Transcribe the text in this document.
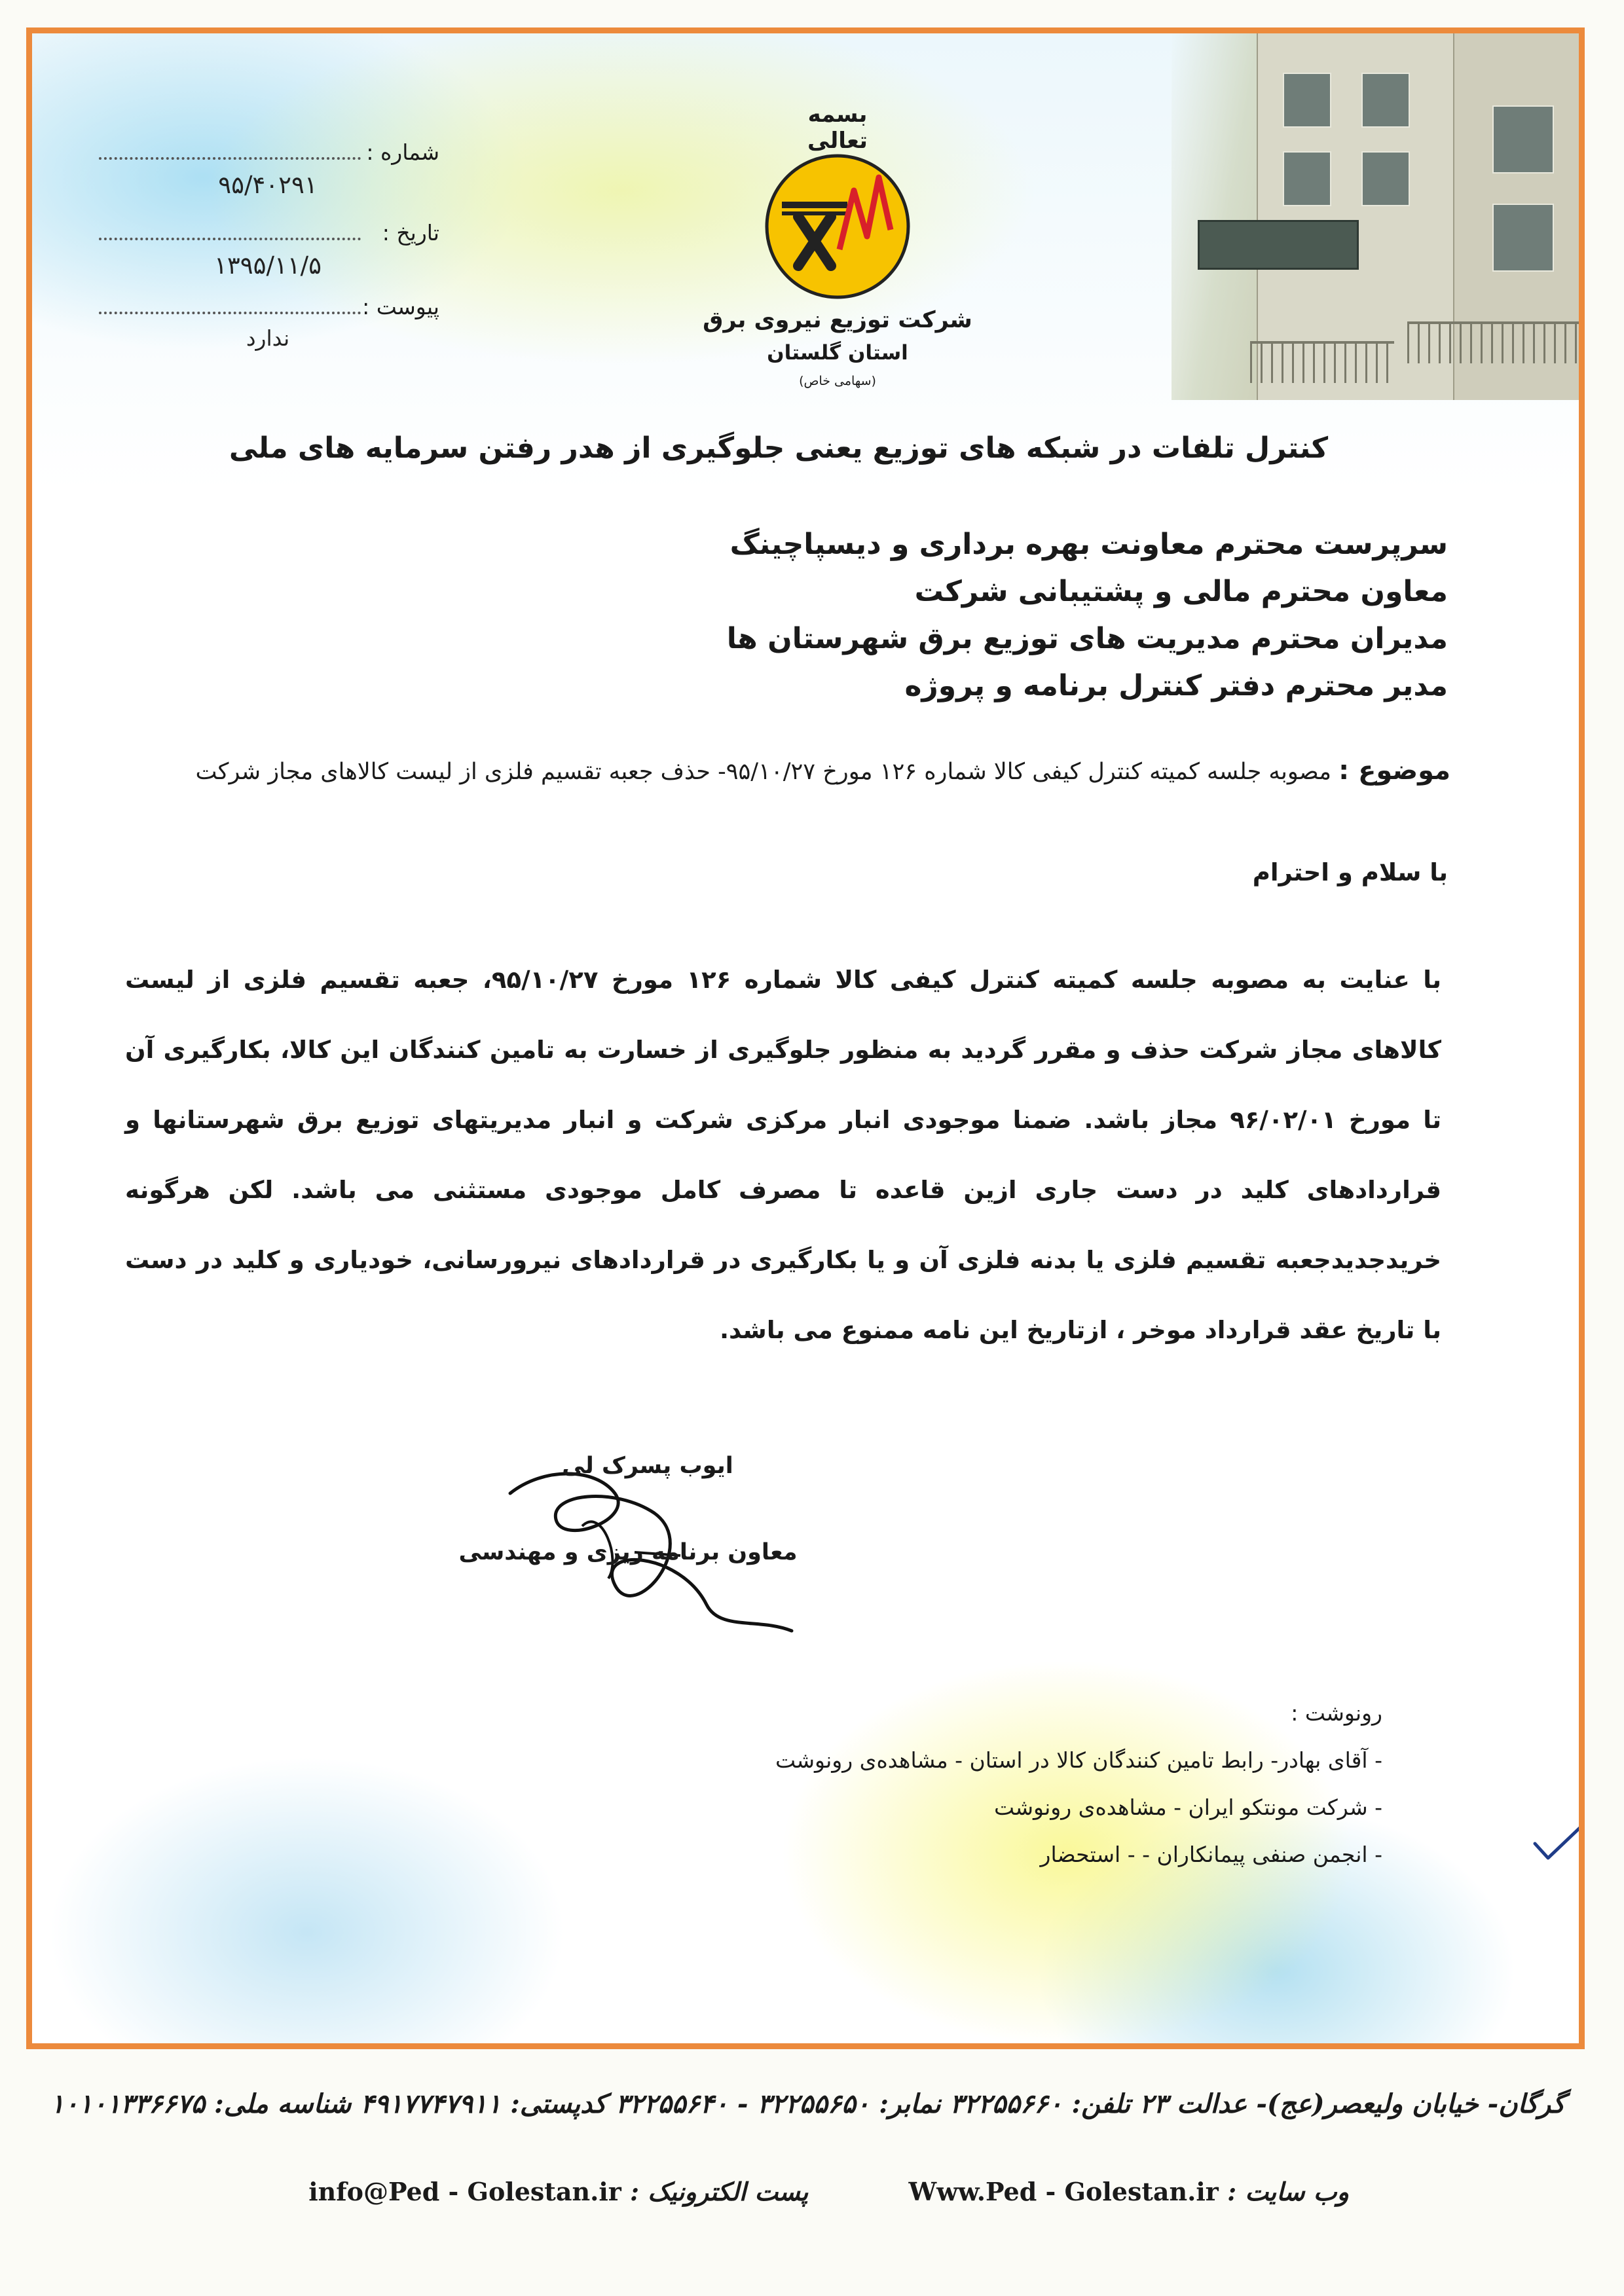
بسمه تعالی
شرکت توزیع نیروی برق
استان گلستان
(سهامی خاص)
شماره :
۹۵/۴۰۲۹۱
تاریخ :
۱۳۹۵/۱۱/۵
پیوست :
ندارد
کنترل تلفات در شبکه های توزیع یعنی جلوگیری از هدر رفتن سرمایه های ملی
سرپرست محترم معاونت بهره برداری و دیسپاچینگ
معاون محترم مالی و پشتیبانی شرکت
مدیران محترم مدیریت های توزیع برق شهرستان ها
مدیر محترم دفتر کنترل برنامه و پروژه
موضوع : مصوبه جلسه کمیته کنترل کیفی کالا شماره ۱۲۶ مورخ ۹۵/۱۰/۲۷- حذف جعبه تقسیم فلزی از لیست کالاهای مجاز شرکت
با سلام و احترام
با عنایت به مصوبه جلسه کمیته کنترل کیفی کالا شماره ۱۲۶ مورخ ۹۵/۱۰/۲۷، جعبه تقسیم فلزی از لیست کالاهای مجاز شرکت حذف و مقرر گردید به منظور جلوگیری از خسارت به تامین کنندگان این کالا، بکارگیری آن تا مورخ ۹۶/۰۲/۰۱ مجاز باشد. ضمنا موجودی انبار مرکزی شرکت و انبار مدیریتهای توزیع برق شهرستانها و قراردادهای کلید در دست جاری ازین قاعده تا مصرف کامل موجودی مستثنی می باشد. لکن هرگونه خریدجدیدجعبه تقسیم فلزی یا بدنه فلزی آن و یا بکارگیری در قراردادهای نیرورسانی، خودیاری و کلید در دست با تاریخ عقد قرارداد موخر ، ازتاریخ این نامه ممنوع می باشد.
ایوب پسرک لی
معاون برنامه ریزی و مهندسی
رونوشت :
- آقای بهادر- رابط تامین کنندگان کالا در استان - مشاهده‌ی رونوشت
- شرکت مونتکو ایران - مشاهده‌ی رونوشت
- انجمن صنفی پیمانکاران - - استحضار
گرگان- خیابان ولیعصر(عج)- عدالت ۲۳ تلفن: ۳۲۲۵۵۶۶۰ نمابر: ۳۲۲۵۵۶۵۰ - ۳۲۲۵۵۶۴۰ کدپستی: ۴۹۱۷۷۴۷۹۱۱ شناسه ملی: ۱۰۱۰۱۳۳۶۶۷۵
وب سایت : Www.Ped - Golestan.ir پست الکترونیک : info@Ped - Golestan.ir
